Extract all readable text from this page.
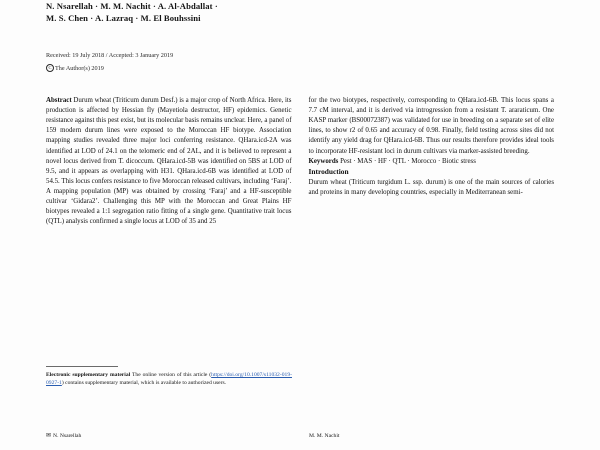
N. Nsarellah · M. M. Nachit · A. Al-Abdallat ·
M. S. Chen · A. Lazraq · M. El Bouhssini
Received: 19 July 2018 / Accepted: 3 January 2019
C The Author(s) 2019

Abstract Durum wheat (Triticum durum Desf.) is a major crop of North Africa. Here, its production is affected by Hessian fly (Mayetiola destructor, HF) epidemics. Genetic resistance against this pest exist, but its molecular basis remains unclear. Here, a panel of 159 modern durum lines were exposed to the Moroccan HF biotype. Association mapping studies revealed three major loci conferring resistance. QHara.icd-2A was identified at LOD of 24.1 on the telomeric end of 2AL, and it is believed to represent a novel locus derived from T. dicoccum. QHara.icd-5B was identified on 5BS at LOD of 9.5, and it appears as overlapping with H31. QHara.icd-6B was identified at LOD of 54.5. This locus confers resistance to five Moroccan released cultivars, including ‘Faraj’. A mapping population (MP) was obtained by crossing ‘Faraj’ and a HF-susceptible cultivar ‘Gidara2’. Challenging this MP with the Moroccan and Great Plains HF biotypes revealed a 1:1 segregation ratio fitting of a single gene. Quantitative trait locus (QTL) analysis confirmed a single locus at LOD of 35 and 25

for the two biotypes, respectively, corresponding to QHara.icd-6B. This locus spans a 7.7 cM interval, and it is derived via introgression from a resistant T. araraticum. One KASP marker (BS00072387) was validated for use in breeding on a separate set of elite lines, to show r2 of 0.65 and accuracy of 0.98. Finally, field testing across sites did not identify any yield drag for QHara.icd-6B. Thus our results therefore provides ideal tools to incorporate HF-resistant loci in durum cultivars via marker-assisted breeding.

Keywords Pest · MAS · HF · QTL · Morocco · Biotic stress

Introduction

Durum wheat (Triticum turgidum L. ssp. durum) is one of the main sources of calories and proteins in many developing countries, especially in Mediterranean semi-

Electronic supplementary material The online version of this article (https://doi.org/10.1007/s11032-019-0927-1) contains supplementary material, which is available to authorized users.
✉ N. Nsarellah	M. M. Nachit
